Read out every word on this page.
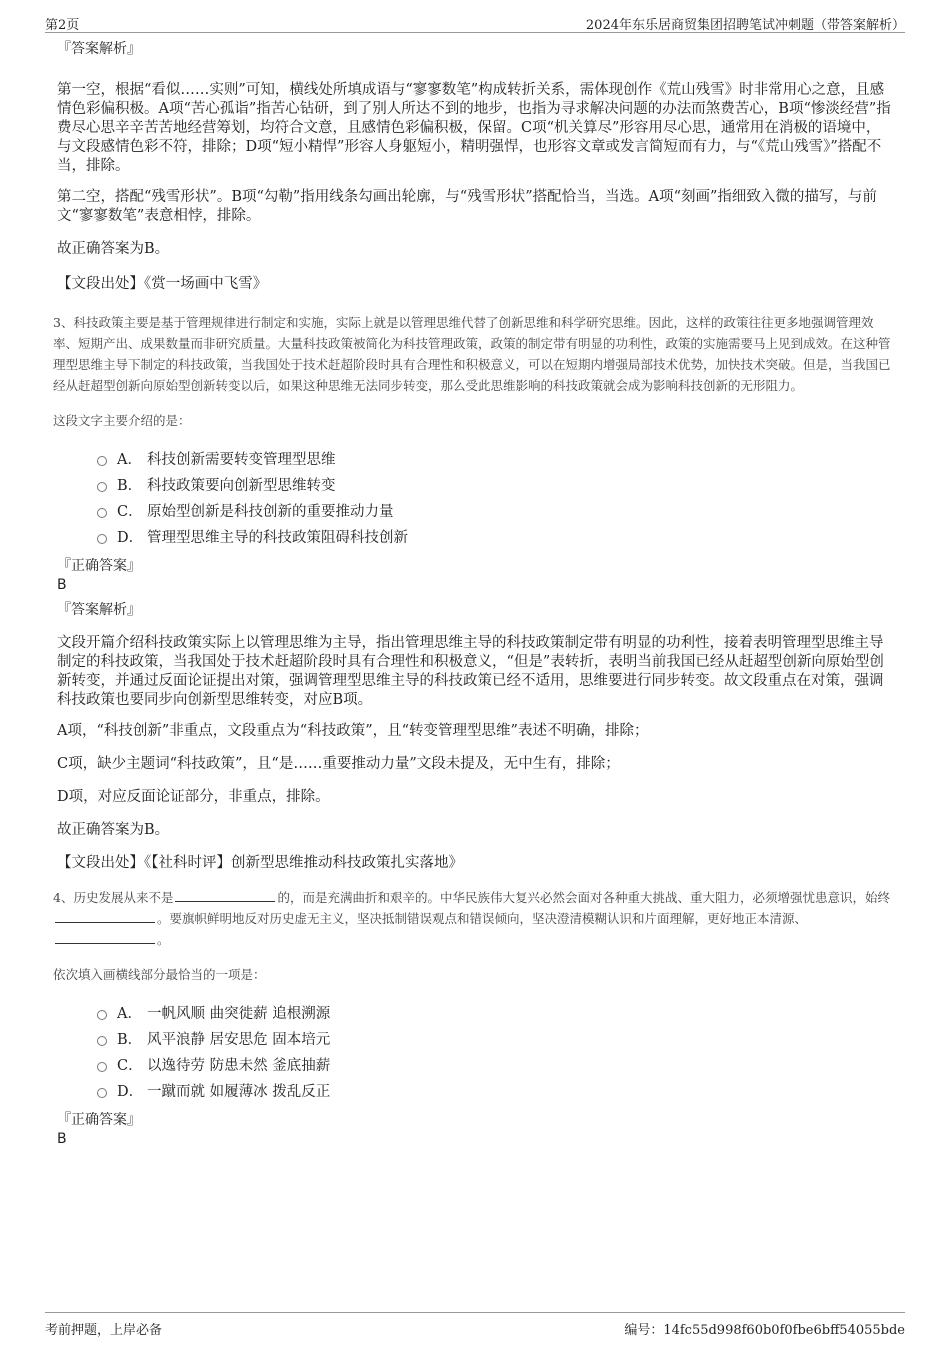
第2页	2024年东乐居商贸集团招聘笔试冲刺题（带答案解析）

『答案解析』

第一空，根据“看似……实则”可知，横线处所填成语与“寥寥数笔”构成转折关系，需体现创作《荒山残雪》时非常用心之意，且感情色彩偏积极。A项“苦心孤诣”指苦心钻研，到了别人所达不到的地步，也指为寻求解决问题的办法而煞费苦心，B项“惨淡经营”指费尽心思辛辛苦苦地经营筹划，均符合文意，且感情色彩偏积极，保留。C项“机关算尽”形容用尽心思，通常用在消极的语境中，与文段感情色彩不符，排除；D项“短小精悍”形容人身躯短小，精明强悍，也形容文章或发言简短而有力，与“《荒山残雪》”搭配不当，排除。

第二空，搭配“残雪形状”。B项“勾勒”指用线条勾画出轮廓，与“残雪形状”搭配恰当，当选。A项“刻画”指细致入微的描写，与前文“寥寥数笔”表意相悖，排除。

故正确答案为B。

【文段出处】《赏一场画中飞雪》

3、科技政策主要是基于管理规律进行制定和实施，实际上就是以管理思维代替了创新思维和科学研究思维。因此，这样的政策往往更多地强调管理效率、短期产出、成果数量而非研究质量。大量科技政策被简化为科技管理政策，政策的制定带有明显的功利性，政策的实施需要马上见到成效。在这种管理型思维主导下制定的科技政策，当我国处于技术赶超阶段时具有合理性和积极意义，可以在短期内增强局部技术优势，加快技术突破。但是，当我国已经从赶超型创新向原始型创新转变以后，如果这种思维无法同步转变，那么受此思维影响的科技政策就会成为影响科技创新的无形阻力。

这段文字主要介绍的是：

A． 科技创新需要转变管理型思维
B． 科技政策要向创新型思维转变
C． 原始型创新是科技创新的重要推动力量
D． 管理型思维主导的科技政策阻碍科技创新

『正确答案』

B

『答案解析』

文段开篇介绍科技政策实际上以管理思维为主导，指出管理思维主导的科技政策制定带有明显的功利性，接着表明管理型思维主导制定的科技政策，当我国处于技术赶超阶段时具有合理性和积极意义，“但是”表转折，表明当前我国已经从赶超型创新向原始型创新转变，并通过反面论证提出对策，强调管理型思维主导的科技政策已经不适用，思维要进行同步转变。故文段重点在对策，强调科技政策也要同步向创新型思维转变，对应B项。

A项，“科技创新”非重点，文段重点为“科技政策”，且“转变管理型思维”表述不明确，排除；

C项，缺少主题词“科技政策”，且“是……重要推动力量”文段未提及，无中生有，排除；

D项，对应反面论证部分，非重点，排除。

故正确答案为B。

【文段出处】《【社科时评】创新型思维推动科技政策扎实落地》

4、历史发展从来不是	的，而是充满曲折和艰辛的。中华民族伟大复兴必然会面对各种重大挑战、重大阻力，必须增强忧患意识，始终。要旗帜鲜明地反对历史虚无主义，坚决抵制错误观点和错误倾向，坚决澄清模糊认识和片面理解，更好地正本清源、。

依次填入画横线部分最恰当的一项是：

A． 一帆风顺 曲突徙薪 追根溯源
B． 风平浪静 居安思危 固本培元
C． 以逸待劳 防患未然 釜底抽薪
D． 一蹴而就 如履薄冰 拨乱反正

『正确答案』

B

考前押题，上岸必备	编号：14fc55d998f60b0f0fbe6bff54055bde
